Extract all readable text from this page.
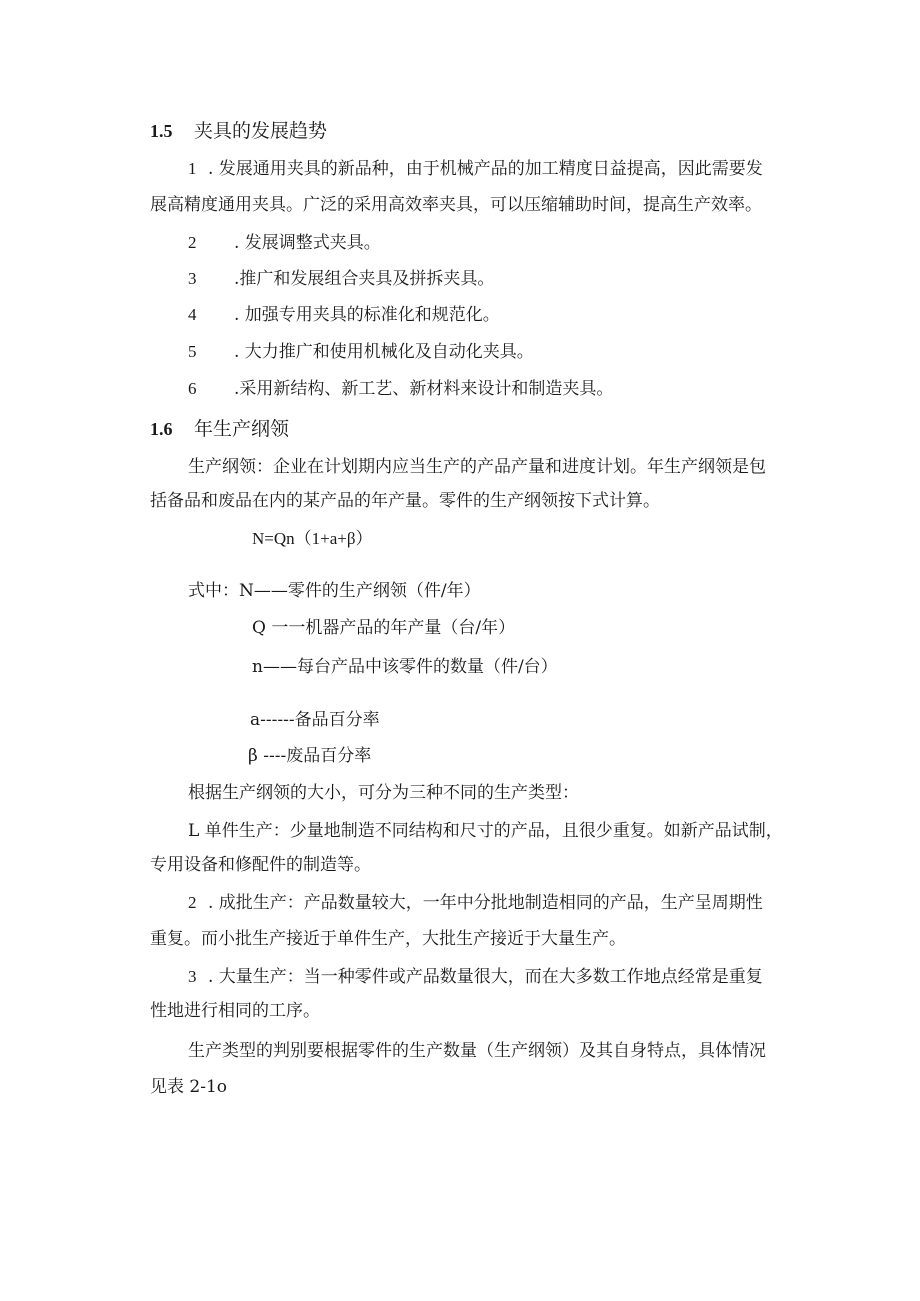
1.5 夹具的发展趋势
1 . 发展通用夹具的新品种，由于机械产品的加工精度日益提高，因此需要发
展高精度通用夹具。广泛的采用高效率夹具，可以压缩辅助时间，提高生产效率。
2 . 发展调整式夹具。
3 .推广和发展组合夹具及拼拆夹具。
4 . 加强专用夹具的标准化和规范化。
5 . 大力推广和使用机械化及自动化夹具。
6 .采用新结构、新工艺、新材料来设计和制造夹具。
1.6 年生产纲领
生产纲领：企业在计划期内应当生产的产品产量和进度计划。年生产纲领是包
括备品和废品在内的某产品的年产量。零件的生产纲领按下式计算。
N=Qn（1+a+β）
式中：N——零件的生产纲领（件/年）
Q 一一机器产品的年产量（台/年）
n——每台产品中该零件的数量（件/台）
a------备品百分率
β ----废品百分率
根据生产纲领的大小，可分为三种不同的生产类型：
L 单件生产：少量地制造不同结构和尺寸的产品，且很少重复。如新产品试制，
专用设备和修配件的制造等。
2 . 成批生产：产品数量较大，一年中分批地制造相同的产品，生产呈周期性
重复。而小批生产接近于单件生产，大批生产接近于大量生产。
3 . 大量生产：当一种零件或产品数量很大，而在大多数工作地点经常是重复
性地进行相同的工序。
生产类型的判别要根据零件的生产数量（生产纲领）及其自身特点，具体情况
见表 2-1o
